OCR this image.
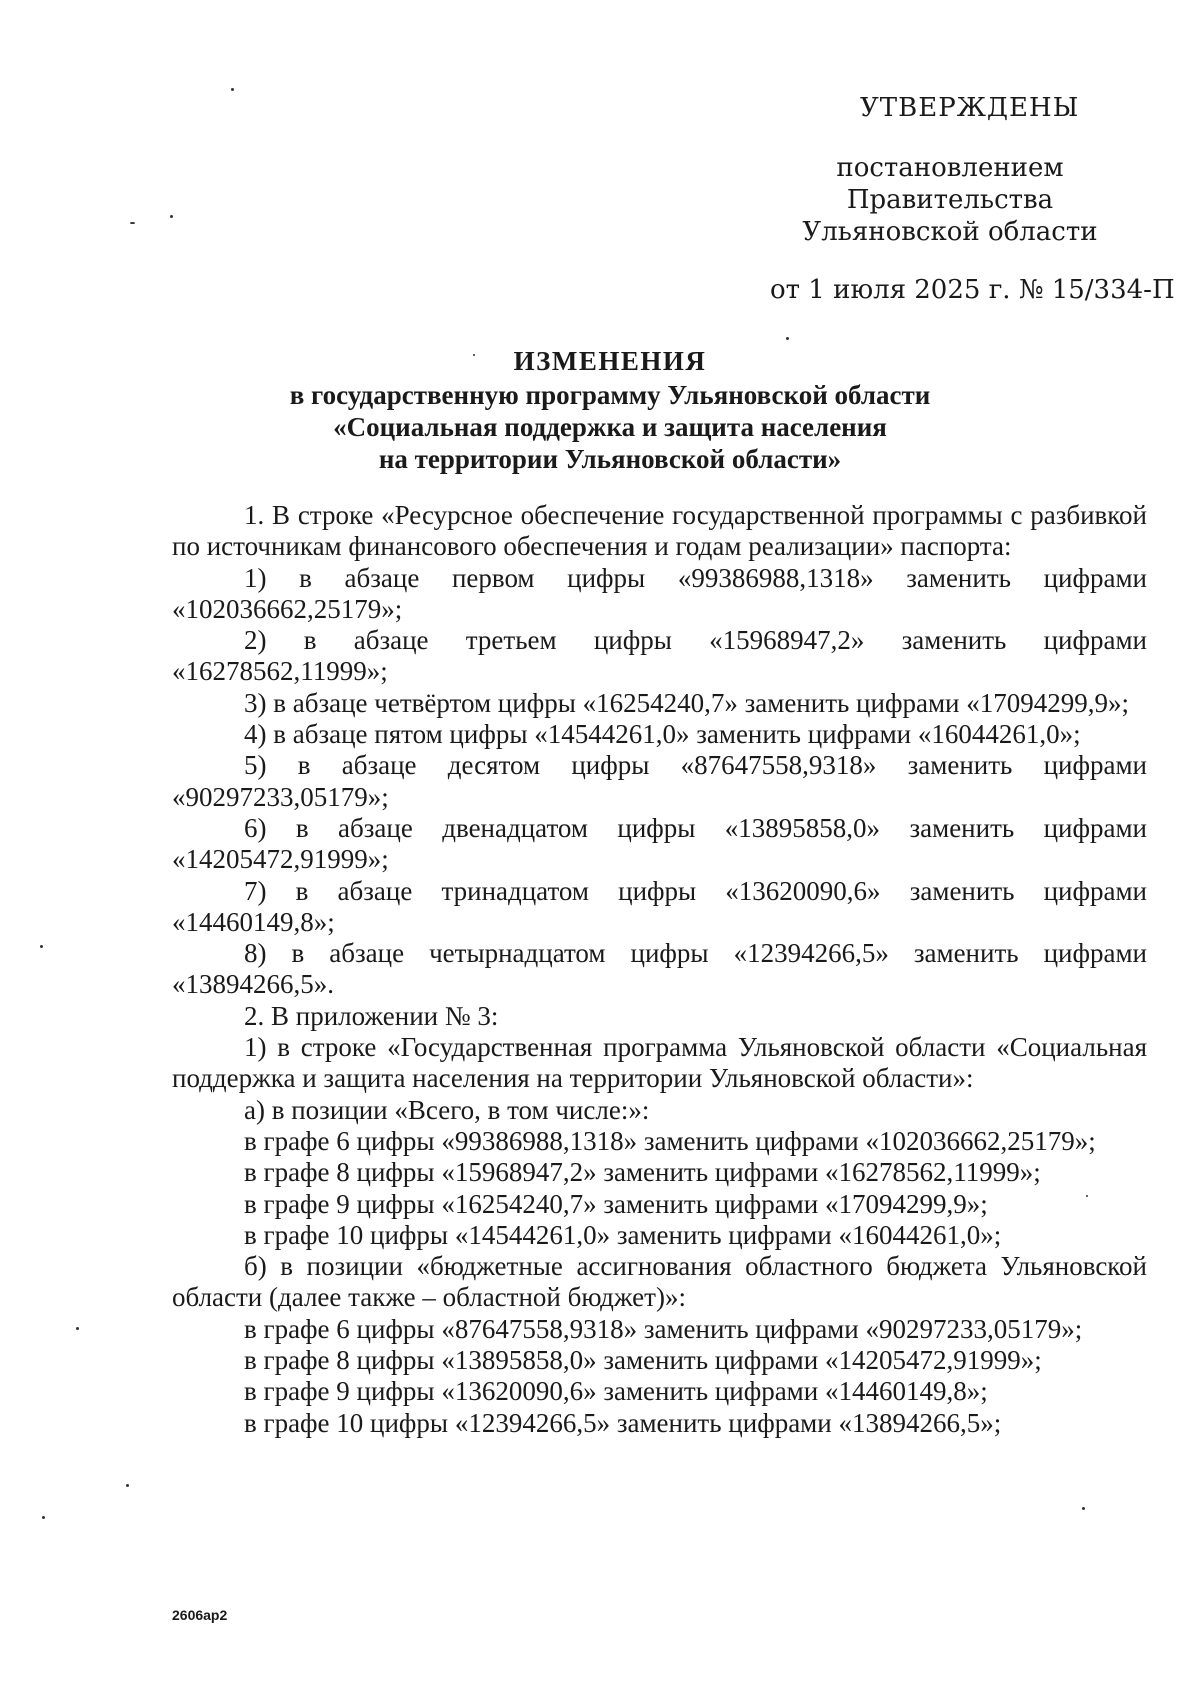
УТВЕРЖДЕНЫ
постановлением Правительства
Ульяновской области
от 1 июля 2025 г. № 15/334-П
ИЗМЕНЕНИЯ
в государственную программу Ульяновской области
«Социальная поддержка и защита населения
на территории Ульяновской области»

1. В строке «Ресурсное обеспечение государственной программы с разбивкой по источникам финансового обеспечения и годам реализации» паспорта:

1) в абзаце первом цифры «99386988,1318» заменить цифрами «102036662,25179»;

2) в абзаце третьем цифры «15968947,2» заменить цифрами «16278562,11999»;

3) в абзаце четвёртом цифры «16254240,7» заменить цифрами «17094299,9»;

4) в абзаце пятом цифры «14544261,0» заменить цифрами «16044261,0»;

5) в абзаце десятом цифры «87647558,9318» заменить цифрами «90297233,05179»;

6) в абзаце двенадцатом цифры «13895858,0» заменить цифрами «14205472,91999»;

7) в абзаце тринадцатом цифры «13620090,6» заменить цифрами «14460149,8»;

8) в абзаце четырнадцатом цифры «12394266,5» заменить цифрами «13894266,5».

2. В приложении № 3:

1) в строке «Государственная программа Ульяновской области «Социальная поддержка и защита населения на территории Ульяновской области»:

а) в позиции «Всего, в том числе:»:

в графе 6 цифры «99386988,1318» заменить цифрами «102036662,25179»;

в графе 8 цифры «15968947,2» заменить цифрами «16278562,11999»;

в графе 9 цифры «16254240,7» заменить цифрами «17094299,9»;

в графе 10 цифры «14544261,0» заменить цифрами «16044261,0»;

б) в позиции «бюджетные ассигнования областного бюджета Ульяновской области (далее также – областной бюджет)»:

в графе 6 цифры «87647558,9318» заменить цифрами «90297233,05179»;

в графе 8 цифры «13895858,0» заменить цифрами «14205472,91999»;

в графе 9 цифры «13620090,6» заменить цифрами «14460149,8»;

в графе 10 цифры «12394266,5» заменить цифрами «13894266,5»;

2606ap2
